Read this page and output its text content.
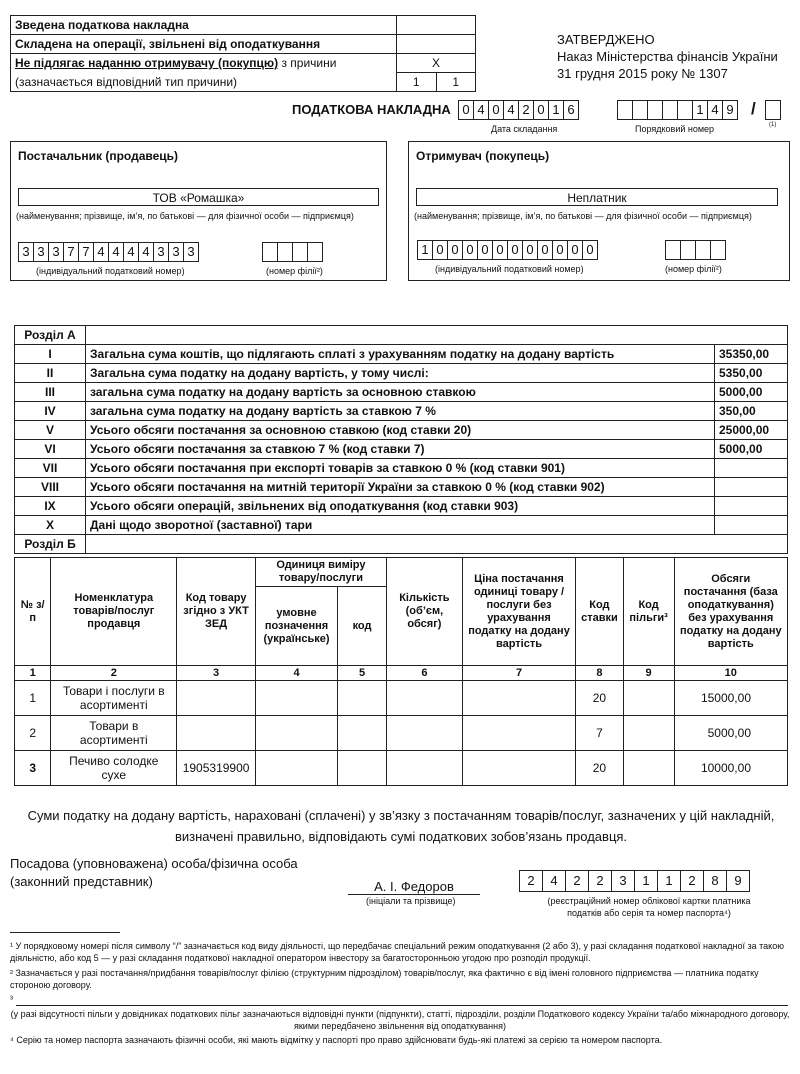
Зведена податкова накладна		
Складена на операції, звільнені від оподаткування		
Не підлягає наданню отримувачу (покупцю) з причини	X	
(зазначається відповідний тип причини)	1	1
ЗАТВЕРДЖЕНО
Наказ Міністерства фінансів України
31 грудня 2015 року № 1307
ПОДАТКОВА НАКЛАДНА 0 4 0 4 2 0 1 6
Дата складання
1 4 9 /
Порядковий номер	(1)
Постачальник (продавець)
ТОВ «Ромашка»
(найменування; прізвище, ім’я, по батькові — для фізичної особи — підприємця)
3 3 3 7 7 4 4 4 4 3 3 3
(індивідуальний податковий номер)	(номер філії²)
Отримувач (покупець)
Неплатник
(найменування; прізвище, ім’я, по батькові — для фізичної особи — підприємця)
1 0 0 0 0 0 0 0 0 0 0 0
(індивідуальний податковий номер)	(номер філії²)
Розділ А		
I	Загальна сума коштів, що підлягають сплаті з урахуванням податку на додану вартість	35350,00
II	Загальна сума податку на додану вартість, у тому числі:	5350,00
III	загальна сума податку на додану вартість за основною ставкою	5000,00
IV	загальна сума податку на додану вартість за ставкою 7 %	350,00
V	Усього обсяги постачання за основною ставкою (код ставки 20)	25000,00
VI	Усього обсяги постачання за ставкою 7 % (код ставки 7)	5000,00
VII	Усього обсяги постачання при експорті товарів за ставкою 0 % (код ставки 901)	
VIII	Усього обсяги постачання на митній території України за ставкою 0 % (код ставки 902)	
IX	Усього обсяги операцій, звільнених від оподаткування (код ставки 903)	
X	Дані щодо зворотної (заставної) тари	
Розділ Б		
№ з/п	Номенклатура товарів/послуг продавця	Код товару згідно з УКТ ЗЕД	Одиниця виміру товару/послуги		Кількість (об’єм, обсяг)	Ціна постачання одиниці товару / послуги без урахування податку на додану вартість	Код ставки	Код пільги³	Обсяги постачання (база оподаткування) без урахування податку на додану вартість
			умовне позначення (українське)	код					
1	2	3	4	5	6	7	8	9	10
1	Товари і послуги в асортименті						20		15000,00
2	Товари в асортименті						7		5000,00
3	Печиво солодке сухе	1905319900					20		10000,00
Суми податку на додану вартість, нараховані (сплачені) у зв’язку з постачанням товарів/послуг, зазначених у цій накладній,
визначені правильно, відповідають сумі податкових зобов’язань продавця.
Посадова (уповноважена) особа/фізична особа
(законний представник)	А. І. Федоров
(ініціали та прізвище)
2	4	2	2	3	1	1	2	8	9
(реєстраційний номер облікової картки платника
податків або серія та номер паспорта⁴)
¹ У порядковому номері після символу “/” зазначається код виду діяльності, що передбачає спеціальний режим оподаткування (2 або 3), у разі складання податкової накладної за такою діяльністю, або код 5 — у разі складання податкової накладної оператором інвестору за багатосторонньою угодою про розподіл продукції.
² Зазначається у разі постачання/придбання товарів/послуг філією (структурним підрозділом) товарів/послуг, яка фактично є від імені головного підприємства — платника податку стороною договору.
³
(у разі відсутності пільги у довідниках податкових пільг зазначаються відповідні пункти (підпункти), статті, підрозділи, розділи Податкового кодексу України та/або міжнародного договору, якими передбачено звільнення від оподаткування)
⁴ Серію та номер паспорта зазначають фізичні особи, які мають відмітку у паспорті про право здійснювати будь-які платежі за серією та номером паспорта.
